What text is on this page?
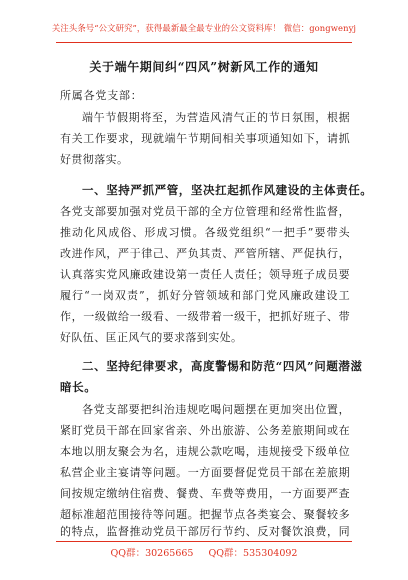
关注头条号“公文研究”，获得最新最全最专业的公文资料库！ 微信：gongwenyj
关于端午期间纠“四风”树新风工作的通知
所属各党支部：
端午节假期将至，为营造风清气正的节日氛围，根据
有关工作要求，现就端午节期间相关事项通知如下，请抓
好贯彻落实。
一、坚持严抓严管，坚决扛起抓作风建设的主体责任。
各党支部要加强对党员干部的全方位管理和经常性监督，
推动化风成俗、形成习惯。各级党组织“一把手”要带头
改进作风，严于律己、严负其责、严管所辖、严促执行，
认真落实党风廉政建设第一责任人责任；领导班子成员要
履行“一岗双责”，抓好分管领域和部门党风廉政建设工
作，一级做给一级看、一级带着一级干，把抓好班子、带
好队伍、匡正风气的要求落到实处。
二、坚持纪律要求，高度警惕和防范“四风”问题潜滋
暗长。
各党支部要把纠治违规吃喝问题摆在更加突出位置，
紧盯党员干部在回家省亲、外出旅游、公务差旅期间或在
本地以朋友聚会为名，违规公款吃喝，违规接受下级单位
私营企业主宴请等问题。一方面要督促党员干部在差旅期
间按规定缴纳住宿费、餐费、车费等费用，一方面要严查
超标准超范围接待等问题。把握节点各类宴会、聚餐较多
的特点，监督推动党员干部厉行节约、反对餐饮浪费，同
QQ群：30265665 QQ群：535304092
